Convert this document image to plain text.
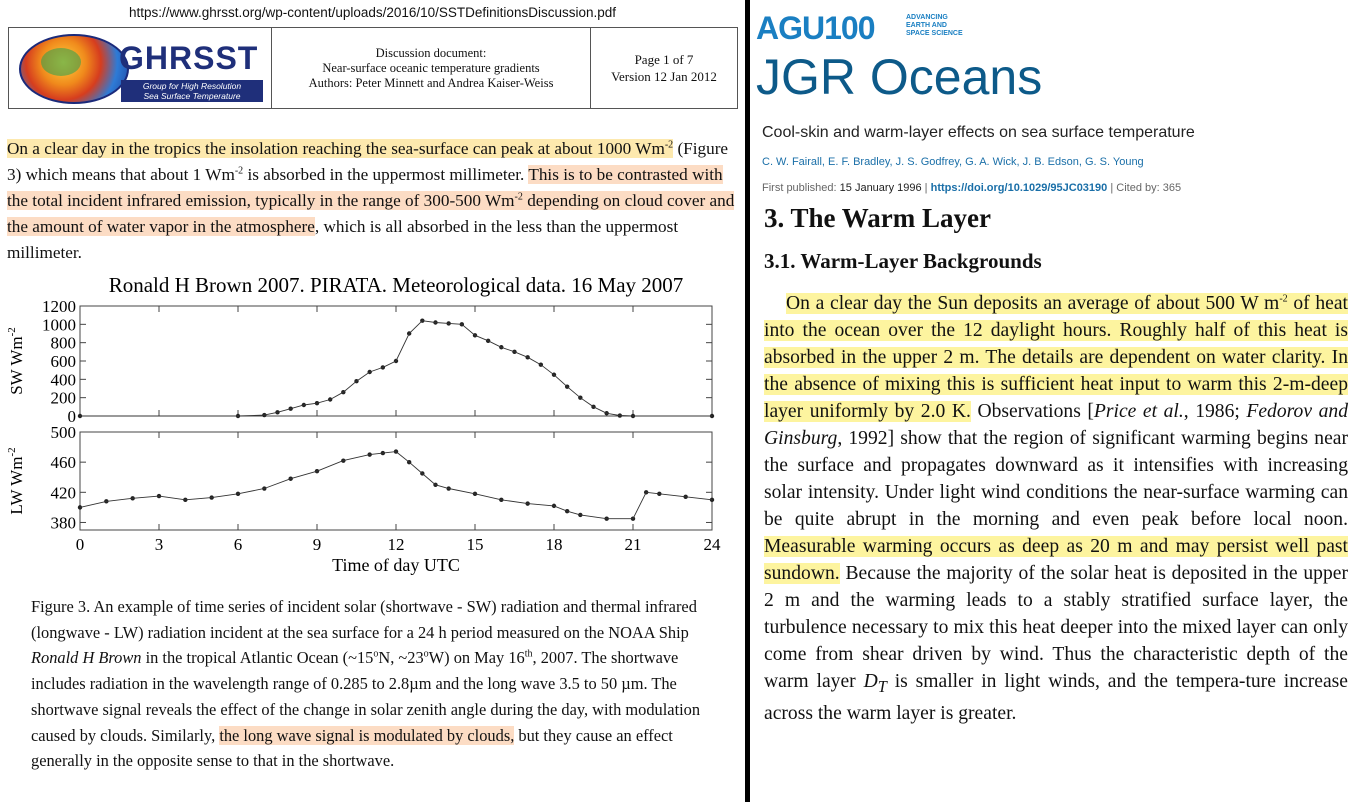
https://www.ghrsst.org/wp-content/uploads/2016/10/SSTDefinitionsDiscussion.pdf
GHRSST
Group for High Resolution
Sea Surface Temperature
Discussion document:
Near-surface oceanic temperature gradients
Authors: Peter Minnett and Andrea Kaiser-Weiss
Page 1 of 7
Version 12 Jan 2012
On a clear day in the tropics the insolation reaching the sea-surface can peak at about 1000 $Wm^{-2}$ (Figure 3) which means that about 1 $Wm^{-2}$ is absorbed in the uppermost millimeter. This is to be contrasted with the total incident infrared emission, typically in the range of 300-500 $Wm^{-2}$ depending on cloud cover and the amount of water vapor in the atmosphere, which is all absorbed in the less than the uppermost millimeter.
Ronald H Brown 2007. PIRATA. Meteorological data. 16 May 2007
0
200
400
600
800
1000
1200
SW $Wm^{-2}$
380
420
460
500
LW $Wm^{-2}$
0	3	6	9	12	15	18	21	24
Time of day UTC
Figure 3. An example of time series of incident solar (shortwave - SW) radiation and thermal infrared (longwave - LW) radiation incident at the sea surface for a 24 h period measured on the NOAA Ship Ronald H Brown in the tropical Atlantic Ocean (~15$^o$N, ~23$^o$W) on May 16th, 2007. The shortwave includes radiation in the wavelength range of 0.285 to 2.8µm and the long wave 3.5 to 50 µm. The shortwave signal reveals the effect of the change in solar zenith angle during the day, with modulation caused by clouds. Similarly, the long wave signal is modulated by clouds, but they cause an effect generally in the opposite sense to that in the shortwave.
AGU100	ADVANCING
EARTH AND
SPACE SCIENCE
JGR Oceans
Cool-skin and warm-layer effects on sea surface temperature
C. W. Fairall, E. F. Bradley, J. S. Godfrey, G. A. Wick, J. B. Edson, G. S. Young
First published: 15 January 1996 | https://doi.org/10.1029/95JC03190 | Cited by: 365
3. The Warm Layer
3.1. Warm-Layer Backgrounds
On a clear day the Sun deposits an average of about 500 W $m^{-2}$ of heat into the ocean over the 12 daylight hours. Roughly half of this heat is absorbed in the upper 2 m. The details are dependent on water clarity. In the absence of mixing this is sufficient heat input to warm this 2-m-deep layer uniformly by 2.0 K. Observations [Price et al., 1986; Fedorov and Ginsburg, 1992] show that the region of significant warming begins near the surface and propagates downward as it intensifies with increasing solar intensity. Under light wind conditions the near-surface warming can be quite abrupt in the morning and even peak before local noon. Measurable warming occurs as deep as 20 m and may persist well past sundown. Because the majority of the solar heat is deposited in the upper 2 m and the warming leads to a stably stratified surface layer, the turbulence necessary to mix this heat deeper into the mixed layer can only come from shear driven by wind. Thus the characteristic depth of the warm layer $D_T$ is smaller in light winds, and the tempera-ture increase across the warm layer is greater.
